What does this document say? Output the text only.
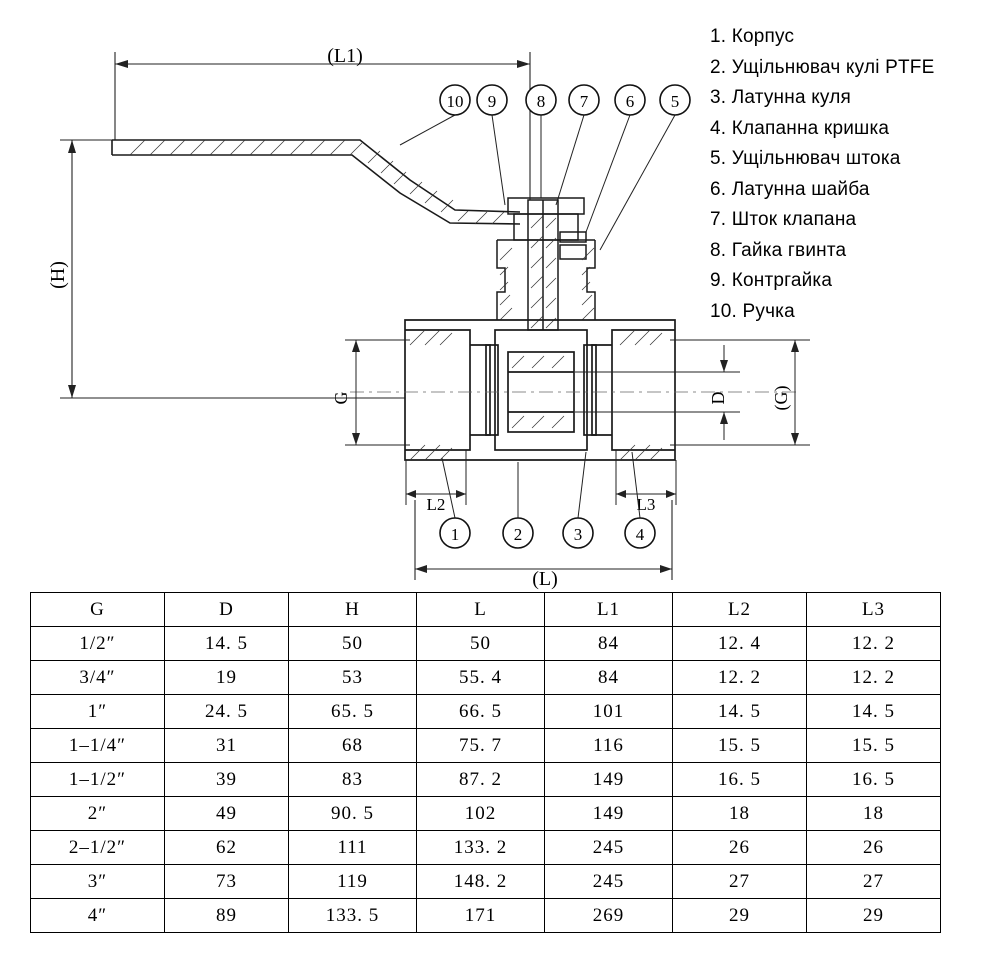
(L1)
(H)
10 9 8 7 6 5
G	D (G)
L2	L3
1	2	3	4
(L)
1. Корпус
2. Ущільнювач кулі PTFE
3. Латунна куля
4. Клапанна кришка
5. Ущільнювач штока
6. Латунна шайба
7. Шток клапана
8. Гайка гвинта
9. Контргайка
10. Ручка
G	D	H	L	L1	L2	L3
1/2″	14. 5	50	50	84	12. 4	12. 2
3/4″	19	53	55. 4	84	12. 2	12. 2
1″	24. 5	65. 5	66. 5	101	14. 5	14. 5
1–1/4″	31	68	75. 7	116	15. 5	15. 5
1–1/2″	39	83	87. 2	149	16. 5	16. 5
2″	49	90. 5	102	149	18	18
2–1/2″	62	111	133. 2	245	26	26
3″	73	119	148. 2	245	27	27
4″	89	133. 5	171	269	29	29
